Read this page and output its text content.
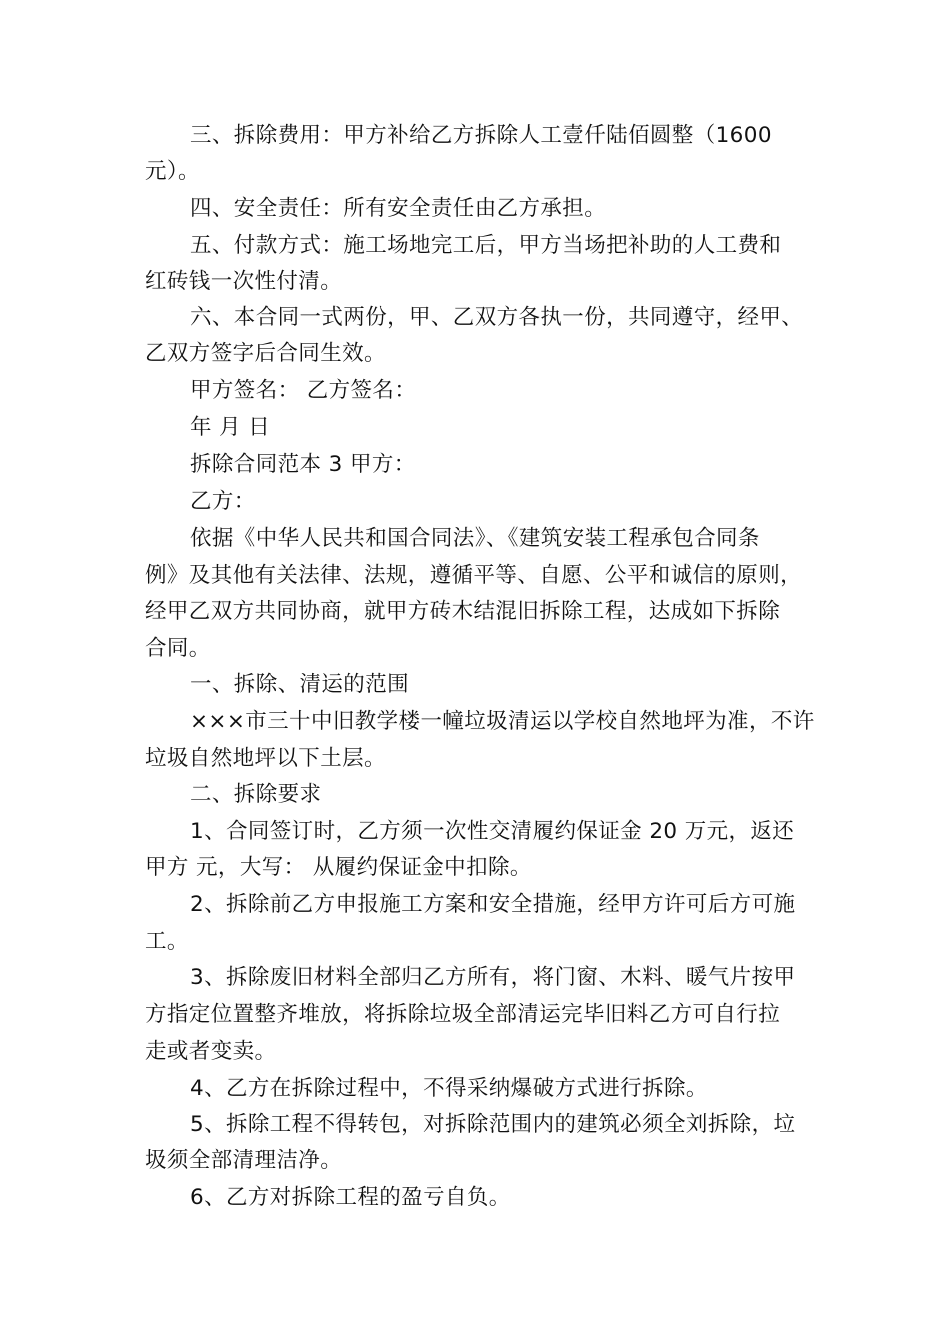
三、拆除费用：甲方补给乙方拆除人工壹仟陆佰圆整（1600
元）。
四、安全责任：所有安全责任由乙方承担。
五、付款方式：施工场地完工后，甲方当场把补助的人工费和
红砖钱一次性付清。
六、本合同一式两份，甲、乙双方各执一份，共同遵守，经甲、
乙双方签字后合同生效。
甲方签名： 乙方签名：
年 月 日
拆除合同范本 3 甲方：
乙方：
依据《中华人民共和国合同法》、《建筑安装工程承包合同条
例》及其他有关法律、法规，遵循平等、自愿、公平和诚信的原则，
经甲乙双方共同协商，就甲方砖木结混旧拆除工程，达成如下拆除
合同。
一、拆除、清运的范围
×××市三十中旧教学楼一幢垃圾清运以学校自然地坪为准，不许
垃圾自然地坪以下土层。
二、拆除要求
1、合同签订时，乙方须一次性交清履约保证金 20 万元，返还
甲方 元，大写： 从履约保证金中扣除。
2、拆除前乙方申报施工方案和安全措施，经甲方许可后方可施
工。
3、拆除废旧材料全部归乙方所有，将门窗、木料、暖气片按甲
方指定位置整齐堆放，将拆除垃圾全部清运完毕旧料乙方可自行拉
走或者变卖。
4、乙方在拆除过程中，不得采纳爆破方式进行拆除。
5、拆除工程不得转包，对拆除范围内的建筑必须全刘拆除，垃
圾须全部清理洁净。
6、乙方对拆除工程的盈亏自负。
